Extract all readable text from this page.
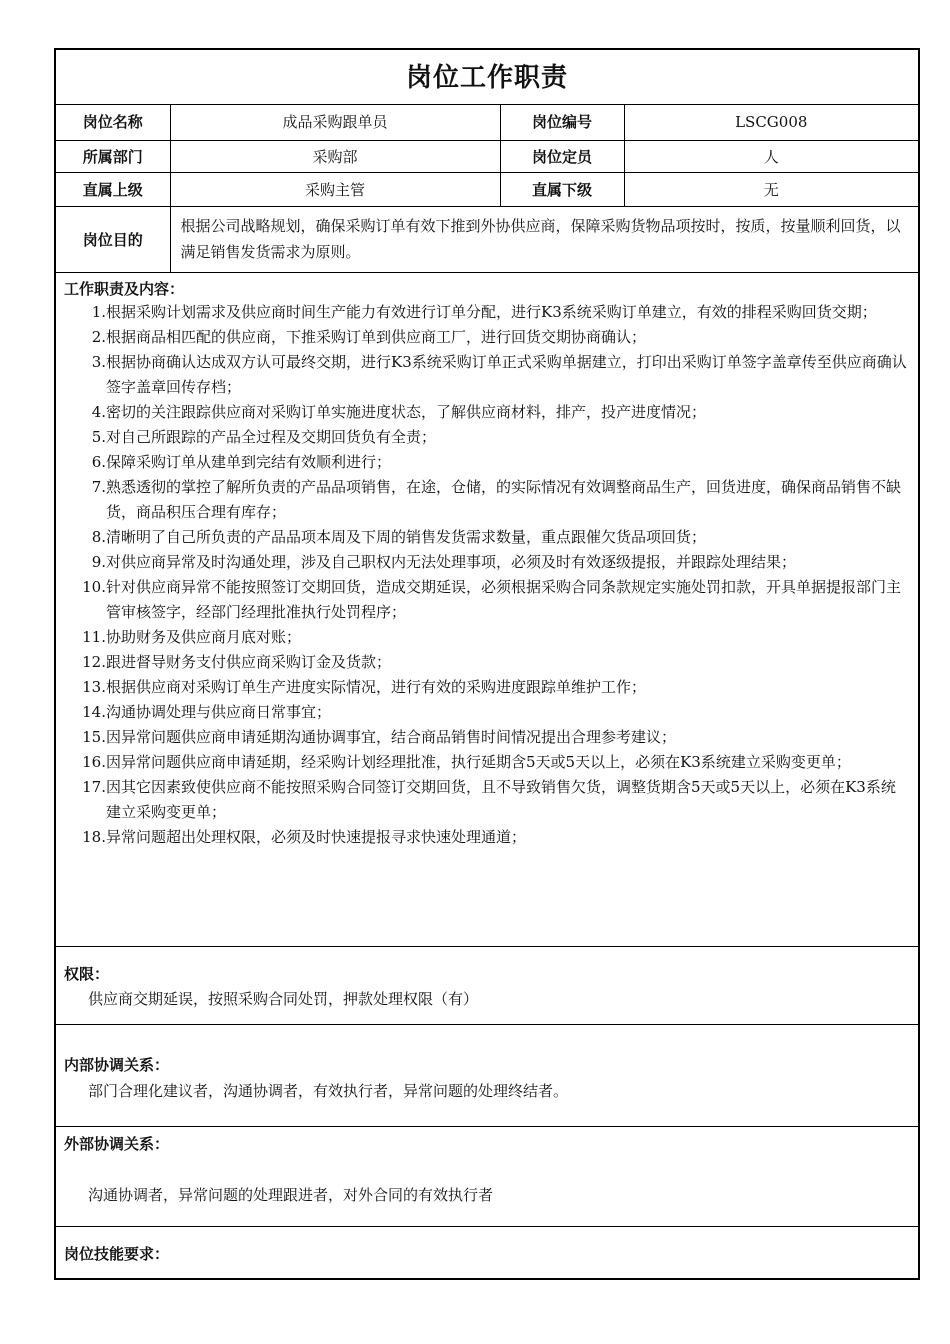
岗位工作职责
岗位名称	成品采购跟单员	岗位编号	LSCG008
所属部门	采购部	岗位定员	人
直属上级	采购主管	直属下级	无
岗位目的	根据公司战略规划，确保采购订单有效下推到外协供应商，保障采购货物品项按时，按质，按量顺利回货，以满足销售发货需求为原则。		
工作职责及内容：
1. 根据采购计划需求及供应商时间生产能力有效进行订单分配，进行K3系统采购订单建立，有效的排程采购回货交期；
2. 根据商品相匹配的供应商，下推采购订单到供应商工厂，进行回货交期协商确认；
3. 根据协商确认达成双方认可最终交期，进行K3系统采购订单正式采购单据建立，打印出采购订单签字盖章传至供应商确认签字盖章回传存档；
4. 密切的关注跟踪供应商对采购订单实施进度状态，了解供应商材料，排产，投产进度情况；
5. 对自己所跟踪的产品全过程及交期回货负有全责；
6. 保障采购订单从建单到完结有效顺利进行；
7. 熟悉透彻的掌控了解所负责的产品品项销售，在途，仓储，的实际情况有效调整商品生产，回货进度，确保商品销售不缺货，商品积压合理有库存；
8. 清晰明了自己所负责的产品品项本周及下周的销售发货需求数量，重点跟催欠货品项回货；
9. 对供应商异常及时沟通处理，涉及自己职权内无法处理事项，必须及时有效逐级提报，并跟踪处理结果；
10. 针对供应商异常不能按照签订交期回货，造成交期延误，必须根据采购合同条款规定实施处罚扣款，开具单据提报部门主管审核签字，经部门经理批准执行处罚程序；
11. 协助财务及供应商月底对账；
12. 跟进督导财务支付供应商采购订金及货款；
13. 根据供应商对采购订单生产进度实际情况，进行有效的采购进度跟踪单维护工作；
14. 沟通协调处理与供应商日常事宜；
15. 因异常问题供应商申请延期沟通协调事宜，结合商品销售时间情况提出合理参考建议；
16. 因异常问题供应商申请延期，经采购计划经理批准，执行延期含5天或5天以上，必须在K3系统建立采购变更单；
17. 因其它因素致使供应商不能按照采购合同签订交期回货，且不导致销售欠货，调整货期含5天或5天以上，必须在K3系统建立采购变更单；
18. 异常问题超出处理权限，必须及时快速提报寻求快速处理通道；
权限：
供应商交期延误，按照采购合同处罚，押款处理权限（有）
内部协调关系：
部门合理化建议者，沟通协调者，有效执行者，异常问题的处理终结者。
外部协调关系：
沟通协调者，异常问题的处理跟进者，对外合同的有效执行者
岗位技能要求：
